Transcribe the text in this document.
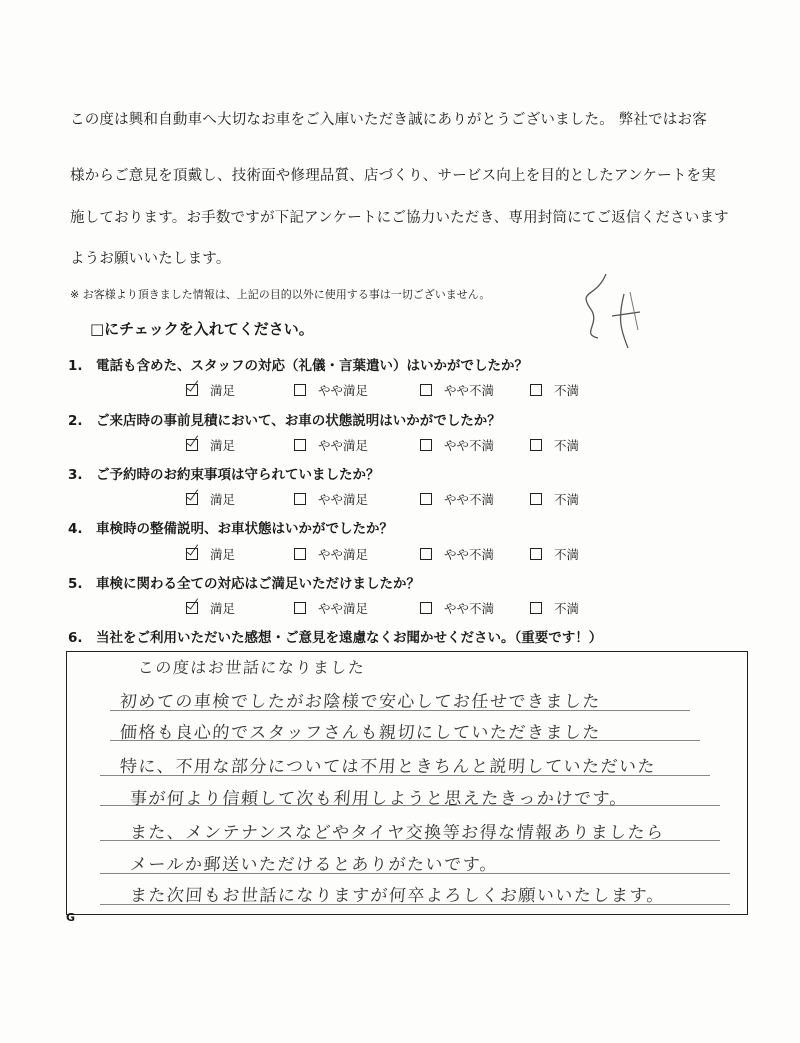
この度は興和自動車へ大切なお車をご入庫いただき誠にありがとうございました。 弊社ではお客
様からご意見を頂戴し、技術面や修理品質、店づくり、サービス向上を目的としたアンケートを実
施しております。お手数ですが下記アンケートにご協力いただき、専用封筒にてご返信くださいます
ようお願いいたします。
※ お客様より頂きました情報は、上記の目的以外に使用する事は一切ございません。
□にチェックを入れてください。
1. 電話も含めた、スタッフの対応（礼儀・言葉遣い）はいかがでしたか？
満足	やや満足	やや不満	不満
2. ご来店時の事前見積において、お車の状態説明はいかがでしたか？
満足	やや満足	やや不満	不満
3. ご予約時のお約束事項は守られていましたか？
満足	やや満足	やや不満	不満
4. 車検時の整備説明、お車状態はいかがでしたか？
満足	やや満足	やや不満	不満
5. 車検に関わる全ての対応はご満足いただけましたか？
満足	やや満足	やや不満	不満
6. 当社をご利用いただいた感想・ご意見を遠慮なくお聞かせください。（重要です！）
この度はお世話になりました
初めての車検でしたがお陰様で安心してお任せできました
価格も良心的でスタッフさんも親切にしていただきました
特に、不用な部分については不用ときちんと説明していただいた
事が何より信頼して次も利用しようと思えたきっかけです。
また、メンテナンスなどやタイヤ交換等お得な情報ありましたら
メールか郵送いただけるとありがたいです。
また次回もお世話になりますが何卒よろしくお願いいたします。
G
